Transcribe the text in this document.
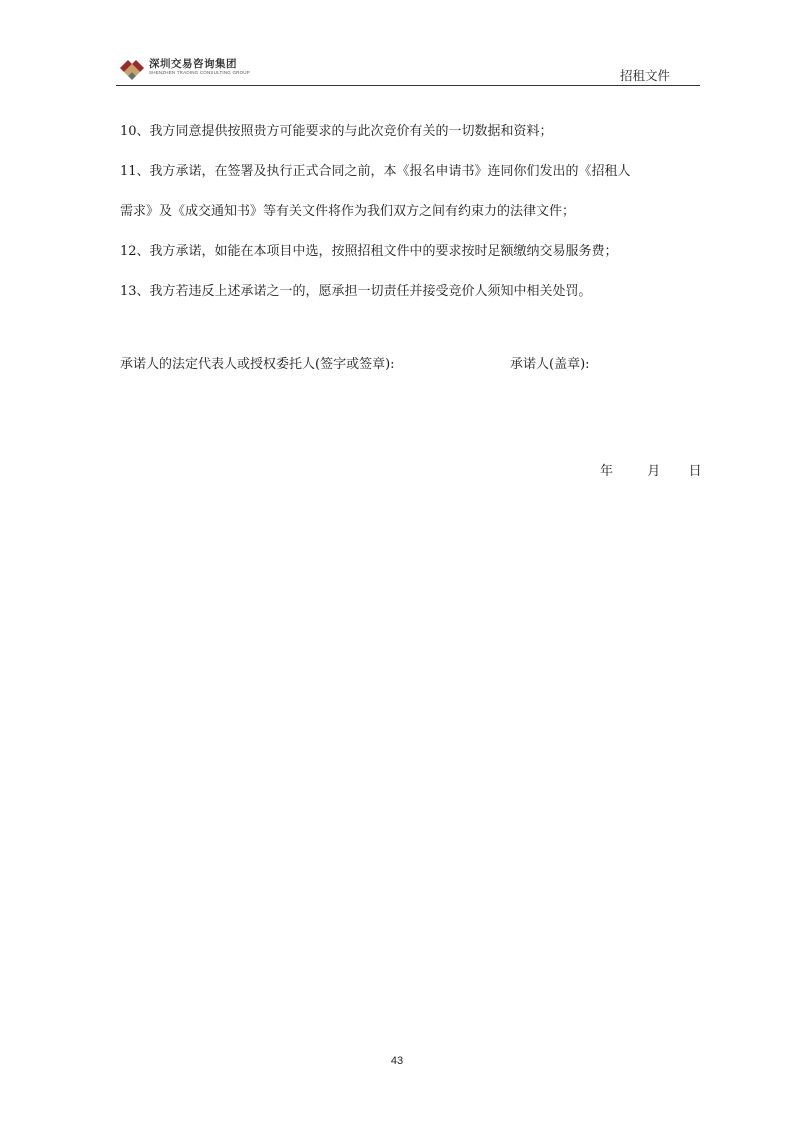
深圳交易咨询集团
SHENZHEN TRADING CONSULTING GROUP	招租文件

10、我方同意提供按照贵方可能要求的与此次竞价有关的一切数据和资料；

11、我方承诺，在签署及执行正式合同之前，本《报名申请书》连同你们发出的《招租人

需求》及《成交通知书》等有关文件将作为我们双方之间有约束力的法律文件；

12、我方承诺，如能在本项目中选，按照招租文件中的要求按时足额缴纳交易服务费；

13、我方若违反上述承诺之一的，愿承担一切责任并接受竞价人须知中相关处罚。

承诺人的法定代表人或授权委托人(签字或签章):	承诺人(盖章):
年	月 日
43
